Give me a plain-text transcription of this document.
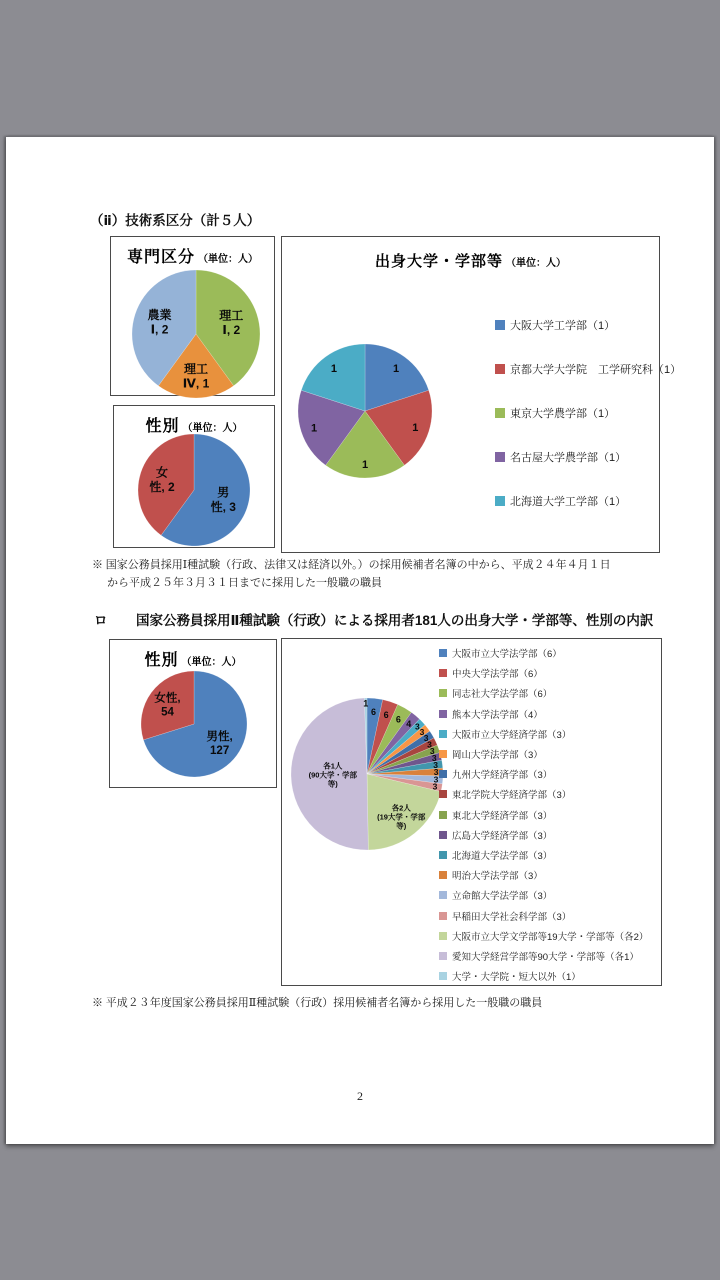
（ⅱ）技術系区分（計５人）
専門区分 （単位：人）
性別 （単位：人）
出身大学・学部等 （単位：人）
※ 国家公務員採用Ⅰ種試験（行政、法律又は経済以外。）の採用候補者名簿の中から、平成２４年４月１日
から平成２５年３月３１日までに採用した一般職の職員
ロ	国家公務員採用Ⅱ種試験（行政）による採用者181人の出身大学・学部等、性別の内訳
性別 （単位：人）
※ 平成２３年度国家公務員採用Ⅱ種試験（行政）採用候補者名簿から採用した一般職の職員
2
理工 Ⅰ, 2
理工 Ⅳ, 1
農業 Ⅰ, 2
男性, 3
女性, 2
1
1
1
1
1
大阪大学工学部（1）
京都大学大学院　工学研究科（1）
東京大学農学部（1）
名古屋大学農学部（1）
北海道大学工学部（1）
男性, 127
女性, 54	6 6 6 4 3
3
3
3
3
3
3
3
3
3
各2人(19大学・学部等)
各1人(90大学・学部等)
1
大阪市立大学法学部（6）
中央大学法学部（6）
同志社大学法学部（6）
熊本大学法学部（4）
大阪市立大学経済学部（3）
岡山大学法学部（3）
九州大学経済学部（3）
東北学院大学経済学部（3）
東北大学経済学部（3）
広島大学経済学部（3）
北海道大学法学部（3）
明治大学法学部（3）
立命館大学法学部（3）
早稲田大学社会科学部（3）
大阪市立大学文学部等19大学・学部等（各2）
愛知大学経営学部等90大学・学部等（各1）
大学・大学院・短大以外（1）
